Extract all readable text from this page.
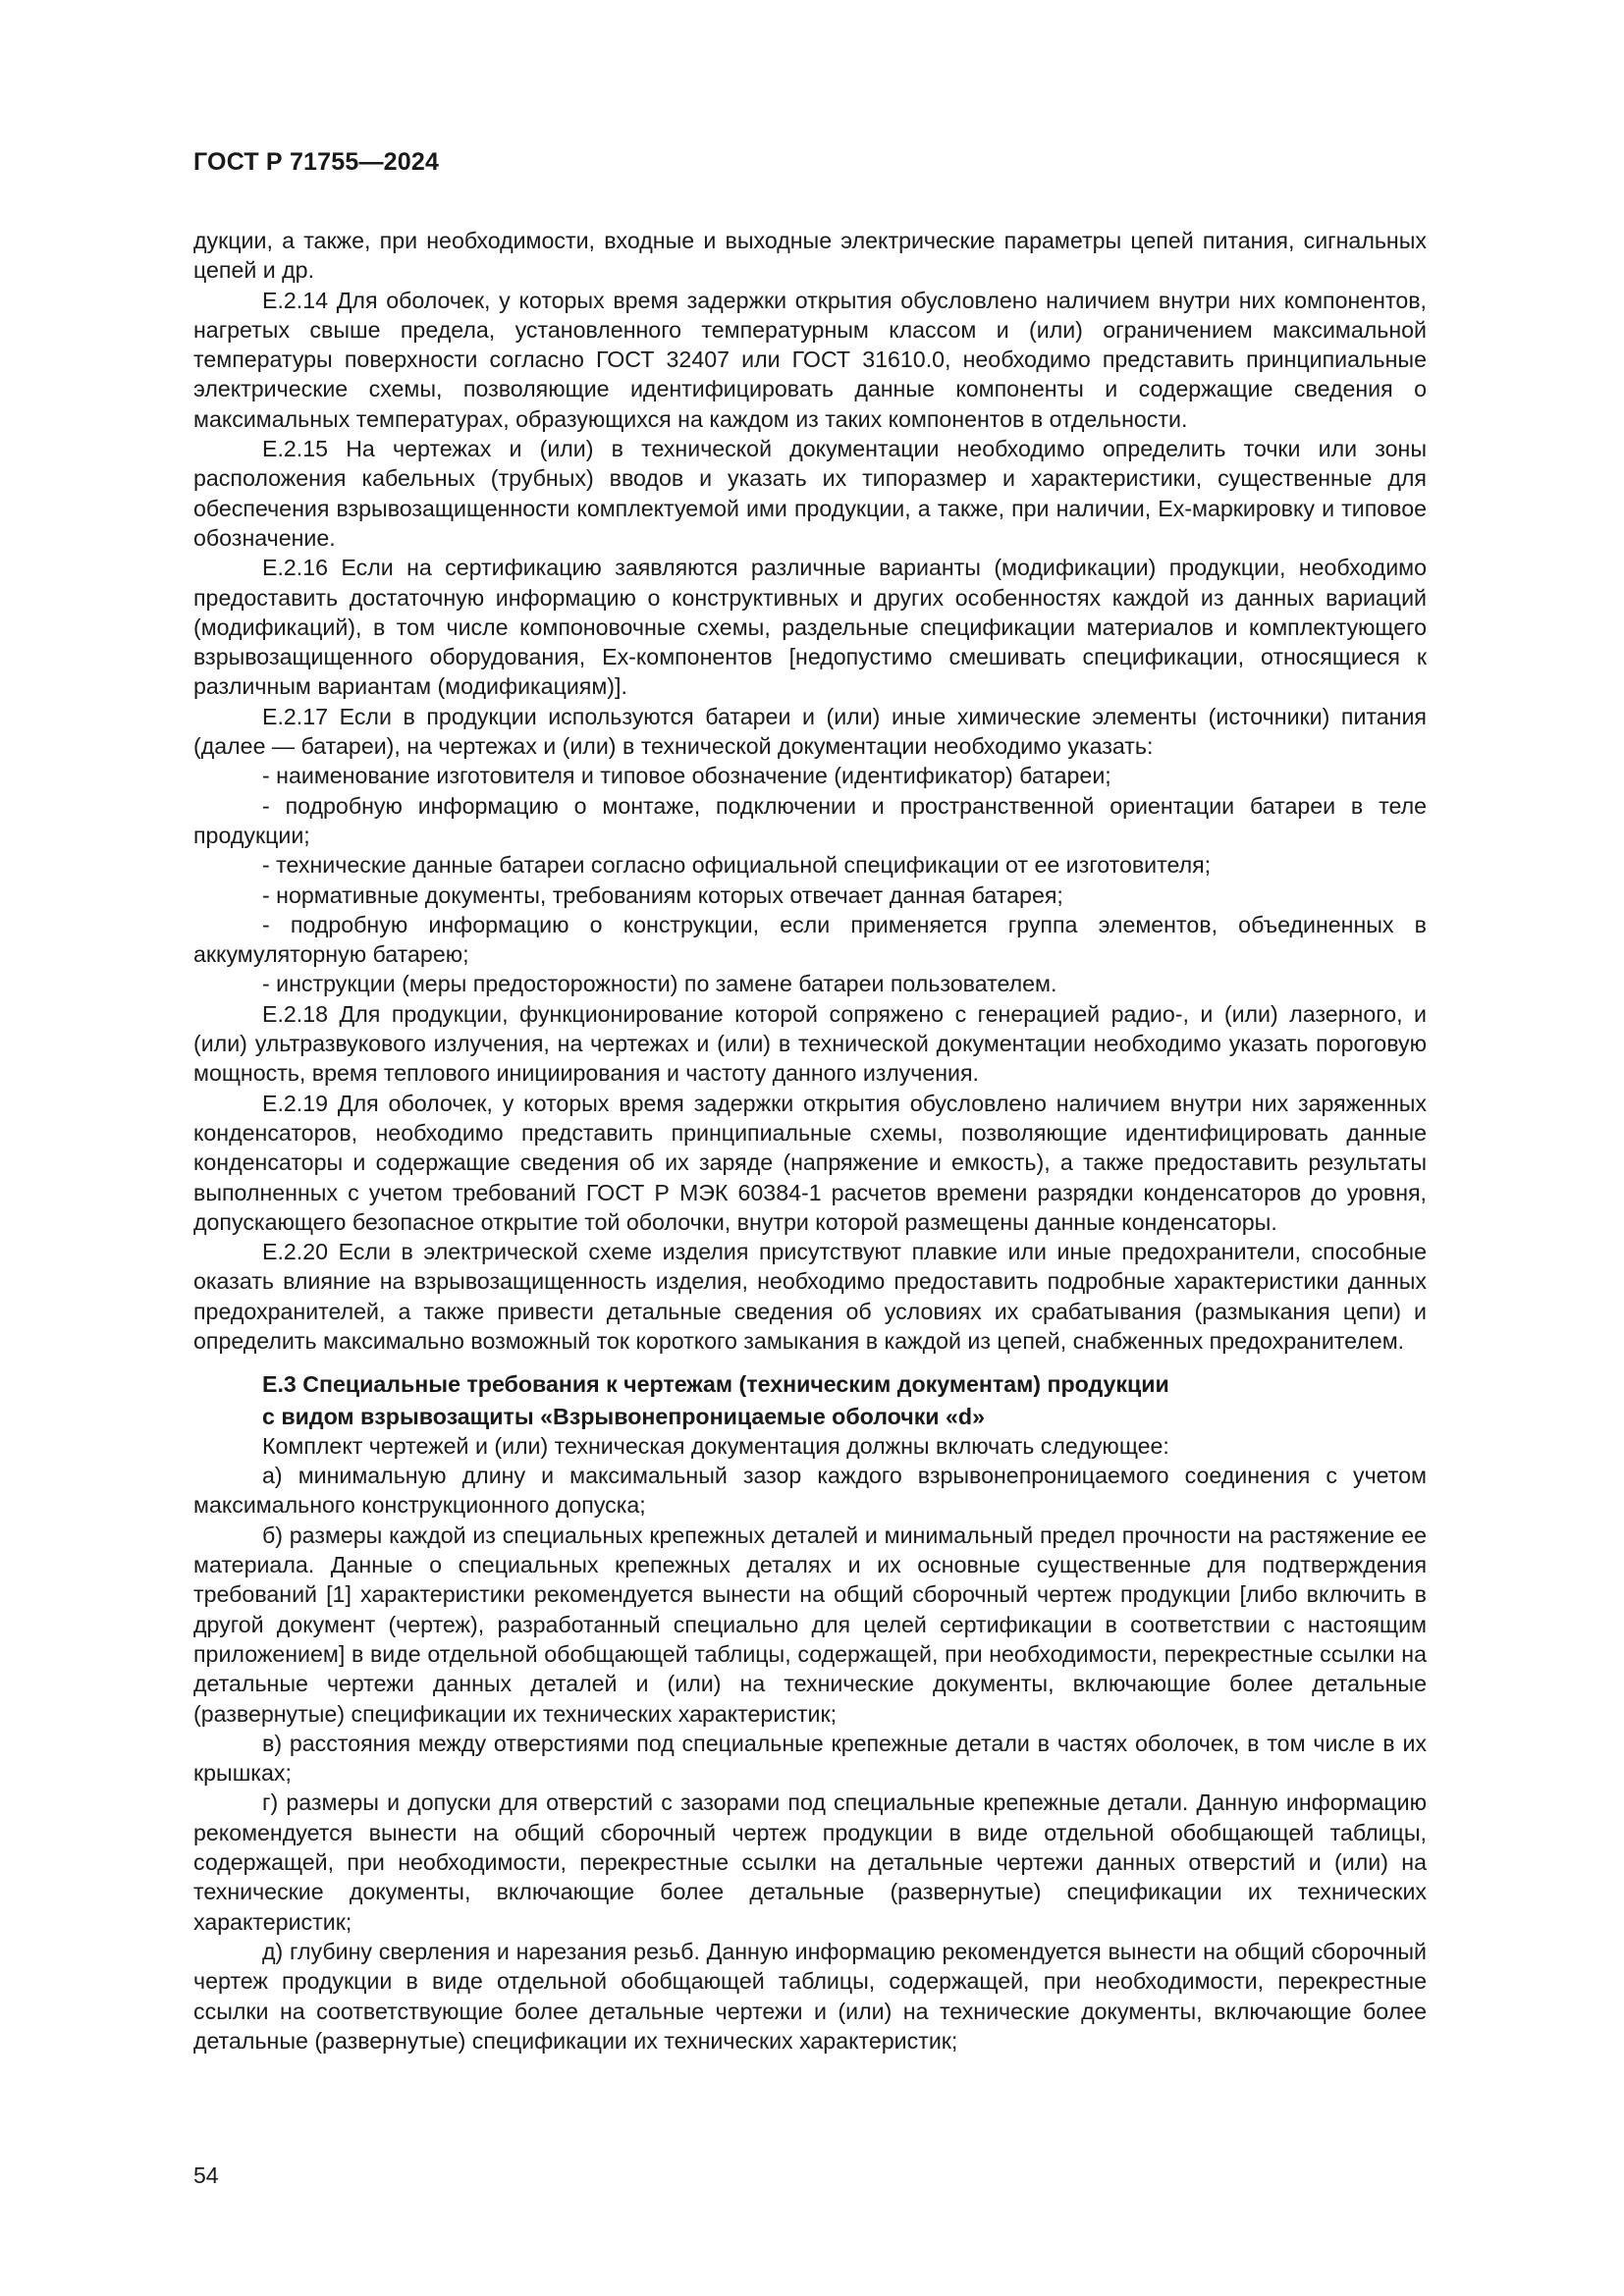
ГОСТ Р 71755—2024

дукции, а также, при необходимости, входные и выходные электрические параметры цепей питания, сигнальных цепей и др.

Е.2.14 Для оболочек, у которых время задержки открытия обусловлено наличием внутри них компонентов, нагретых свыше предела, установленного температурным классом и (или) ограничением максимальной температуры поверхности согласно ГОСТ 32407 или ГОСТ 31610.0, необходимо представить принципиальные электрические схемы, позволяющие идентифицировать данные компоненты и содержащие сведения о максимальных температурах, образующихся на каждом из таких компонентов в отдельности.

Е.2.15 На чертежах и (или) в технической документации необходимо определить точки или зоны расположения кабельных (трубных) вводов и указать их типоразмер и характеристики, существенные для обеспечения взрывозащищенности комплектуемой ими продукции, а также, при наличии, Ex-маркировку и типовое обозначение.

Е.2.16 Если на сертификацию заявляются различные варианты (модификации) продукции, необходимо предоставить достаточную информацию о конструктивных и других особенностях каждой из данных вариаций (модификаций), в том числе компоновочные схемы, раздельные спецификации материалов и комплектующего взрывозащищенного оборудования, Ex-компонентов [недопустимо смешивать спецификации, относящиеся к различным вариантам (модификациям)].

Е.2.17 Если в продукции используются батареи и (или) иные химические элементы (источники) питания (далее — батареи), на чертежах и (или) в технической документации необходимо указать:

- наименование изготовителя и типовое обозначение (идентификатор) батареи;

- подробную информацию о монтаже, подключении и пространственной ориентации батареи в теле продукции;

- технические данные батареи согласно официальной спецификации от ее изготовителя;

- нормативные документы, требованиям которых отвечает данная батарея;

- подробную информацию о конструкции, если применяется группа элементов, объединенных в аккумуляторную батарею;

- инструкции (меры предосторожности) по замене батареи пользователем.

Е.2.18 Для продукции, функционирование которой сопряжено с генерацией радио-, и (или) лазерного, и (или) ультразвукового излучения, на чертежах и (или) в технической документации необходимо указать пороговую мощность, время теплового инициирования и частоту данного излучения.

Е.2.19 Для оболочек, у которых время задержки открытия обусловлено наличием внутри них заряженных конденсаторов, необходимо представить принципиальные схемы, позволяющие идентифицировать данные конденсаторы и содержащие сведения об их заряде (напряжение и емкость), а также предоставить результаты выполненных с учетом требований ГОСТ Р МЭК 60384-1 расчетов времени разрядки конденсаторов до уровня, допускающего безопасное открытие той оболочки, внутри которой размещены данные конденсаторы.

Е.2.20 Если в электрической схеме изделия присутствуют плавкие или иные предохранители, способные оказать влияние на взрывозащищенность изделия, необходимо предоставить подробные характеристики данных предохранителей, а также привести детальные сведения об условиях их срабатывания (размыкания цепи) и определить максимально возможный ток короткого замыкания в каждой из цепей, снабженных предохранителем.

Е.3 Специальные требования к чертежам (техническим документам) продукции

с видом взрывозащиты «Взрывонепроницаемые оболочки «d»

Комплект чертежей и (или) техническая документация должны включать следующее:

а) минимальную длину и максимальный зазор каждого взрывонепроницаемого соединения с учетом максимального конструкционного допуска;

б) размеры каждой из специальных крепежных деталей и минимальный предел прочности на растяжение ее материала. Данные о специальных крепежных деталях и их основные существенные для подтверждения требований [1] характеристики рекомендуется вынести на общий сборочный чертеж продукции [либо включить в другой документ (чертеж), разработанный специально для целей сертификации в соответствии с настоящим приложением] в виде отдельной обобщающей таблицы, содержащей, при необходимости, перекрестные ссылки на детальные чертежи данных деталей и (или) на технические документы, включающие более детальные (развернутые) спецификации их технических характеристик;

в) расстояния между отверстиями под специальные крепежные детали в частях оболочек, в том числе в их крышках;

г) размеры и допуски для отверстий с зазорами под специальные крепежные детали. Данную информацию рекомендуется вынести на общий сборочный чертеж продукции в виде отдельной обобщающей таблицы, содержащей, при необходимости, перекрестные ссылки на детальные чертежи данных отверстий и (или) на технические документы, включающие более детальные (развернутые) спецификации их технических характеристик;

д) глубину сверления и нарезания резьб. Данную информацию рекомендуется вынести на общий сборочный чертеж продукции в виде отдельной обобщающей таблицы, содержащей, при необходимости, перекрестные ссылки на соответствующие более детальные чертежи и (или) на технические документы, включающие более детальные (развернутые) спецификации их технических характеристик;

54
